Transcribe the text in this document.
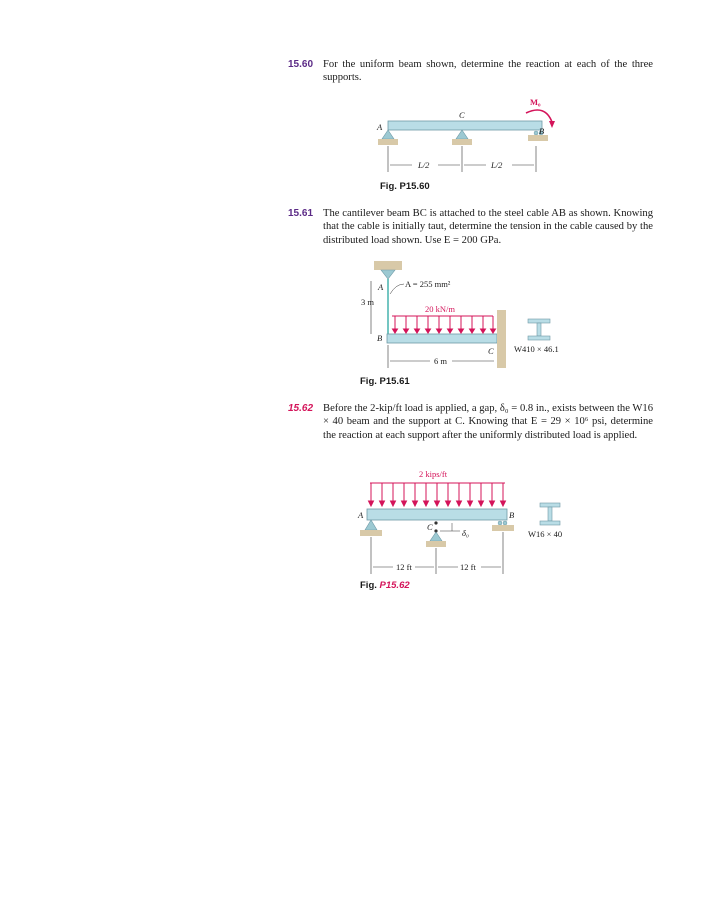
15.60 For the uniform beam shown, determine the reaction at each of the three supports.
A
C
B
M₀
L/2	L/2
Fig. P15.60
15.61 The cantilever beam BC is attached to the steel cable AB as shown. Knowing that the cable is initially taut, determine the tension in the cable caused by the distributed load shown. Use E = 200 GPa.
A	A = 255 mm²
20 kN/m
3 m
B
C
6 m
W410 × 46.1
Fig. P15.61
15.62 Before the 2-kip/ft load is applied, a gap, δ₀ = 0.8 in., exists between the W16 × 40 beam and the support at C. Knowing that E = 29 × 10⁶ psi, determine the reaction at each support after the uniformly distributed load is applied.
2 kips/ft
A	B
C
δ₀
12 ft	12 ft
W16 × 40
Fig. P15.62
